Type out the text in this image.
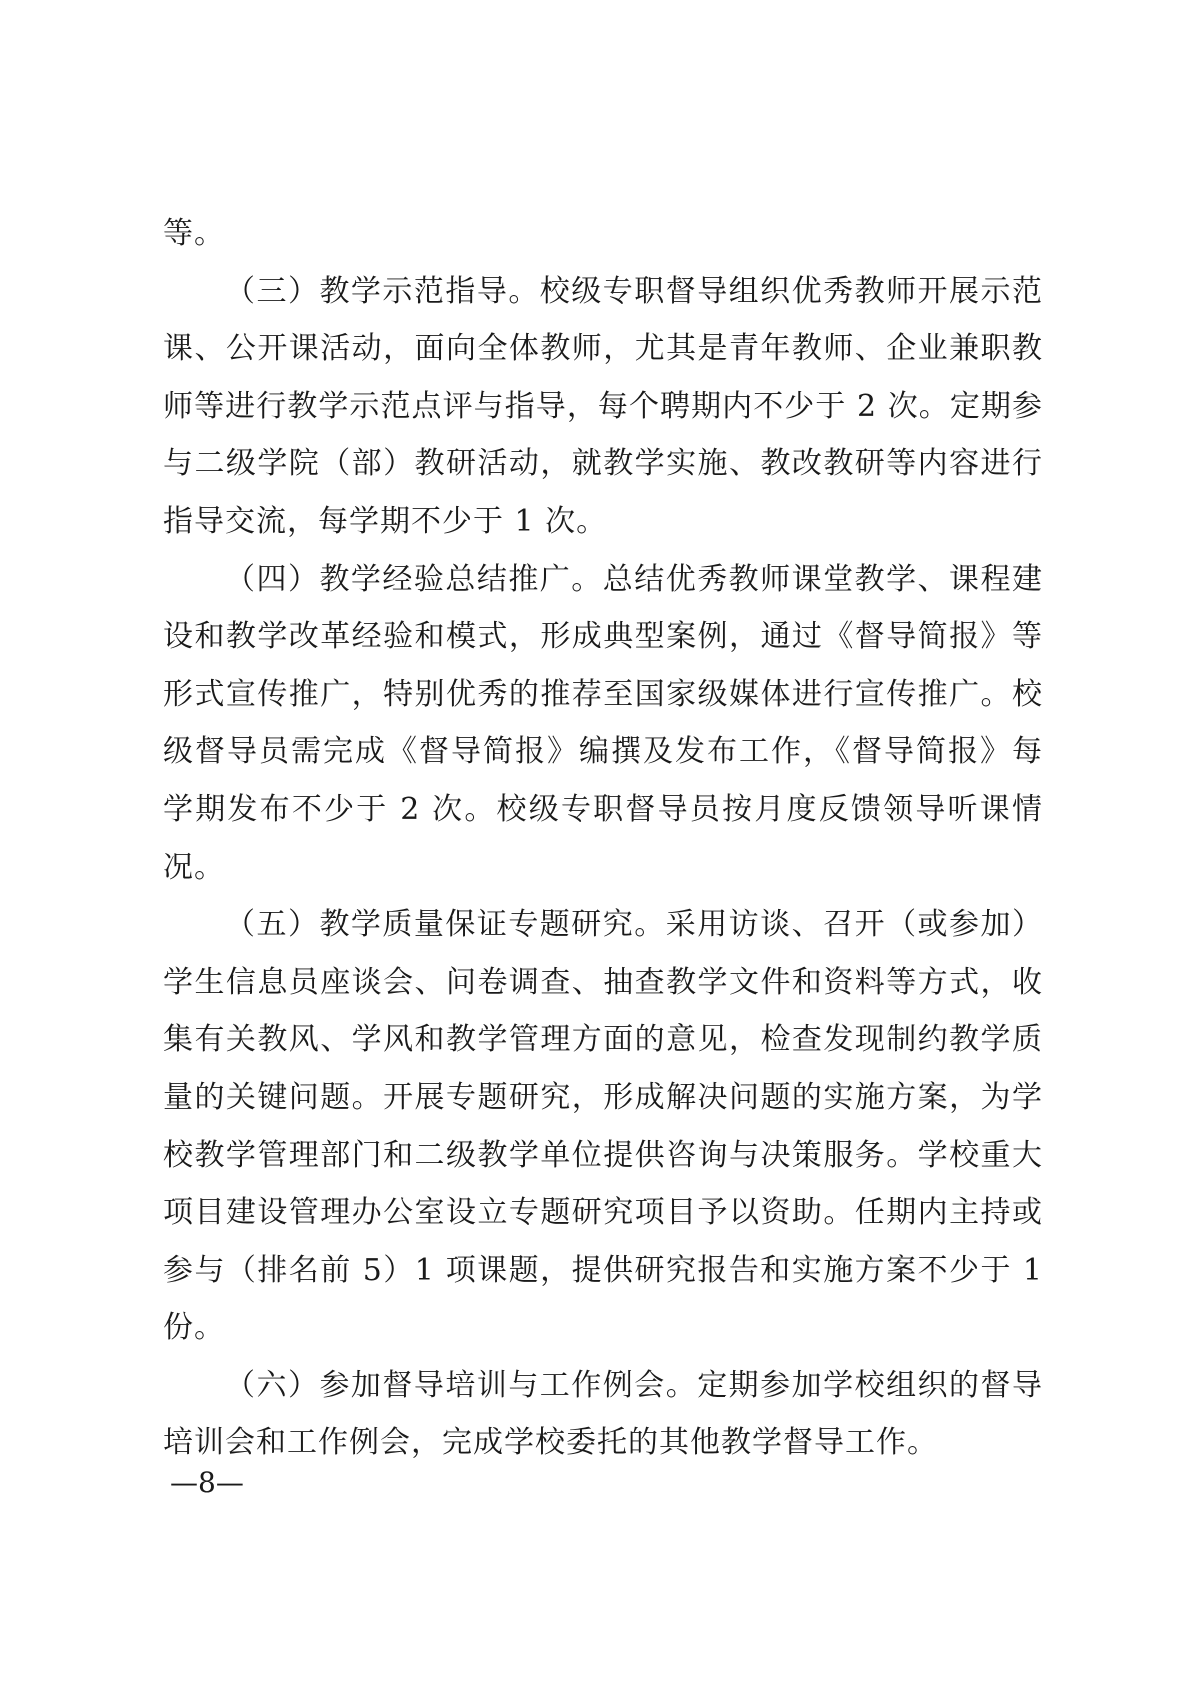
等。

（三）教学示范指导。校级专职督导组织优秀教师开展示范课、公开课活动，面向全体教师，尤其是青年教师、企业兼职教师等进行教学示范点评与指导，每个聘期内不少于 2 次。定期参与二级学院（部）教研活动，就教学实施、教改教研等内容进行指导交流，每学期不少于 1 次。

（四）教学经验总结推广。总结优秀教师课堂教学、课程建设和教学改革经验和模式，形成典型案例，通过《督导简报》等形式宣传推广，特别优秀的推荐至国家级媒体进行宣传推广。校级督导员需完成《督导简报》编撰及发布工作，《督导简报》每学期发布不少于 2 次。校级专职督导员按月度反馈领导听课情况。

（五）教学质量保证专题研究。采用访谈、召开（或参加）学生信息员座谈会、问卷调查、抽查教学文件和资料等方式，收集有关教风、学风和教学管理方面的意见，检查发现制约教学质量的关键问题。开展专题研究，形成解决问题的实施方案，为学校教学管理部门和二级教学单位提供咨询与决策服务。学校重大项目建设管理办公室设立专题研究项目予以资助。任期内主持或参与（排名前 5）1 项课题，提供研究报告和实施方案不少于 1 份。

（六）参加督导培训与工作例会。定期参加学校组织的督导培训会和工作例会，完成学校委托的其他教学督导工作。

—8—
